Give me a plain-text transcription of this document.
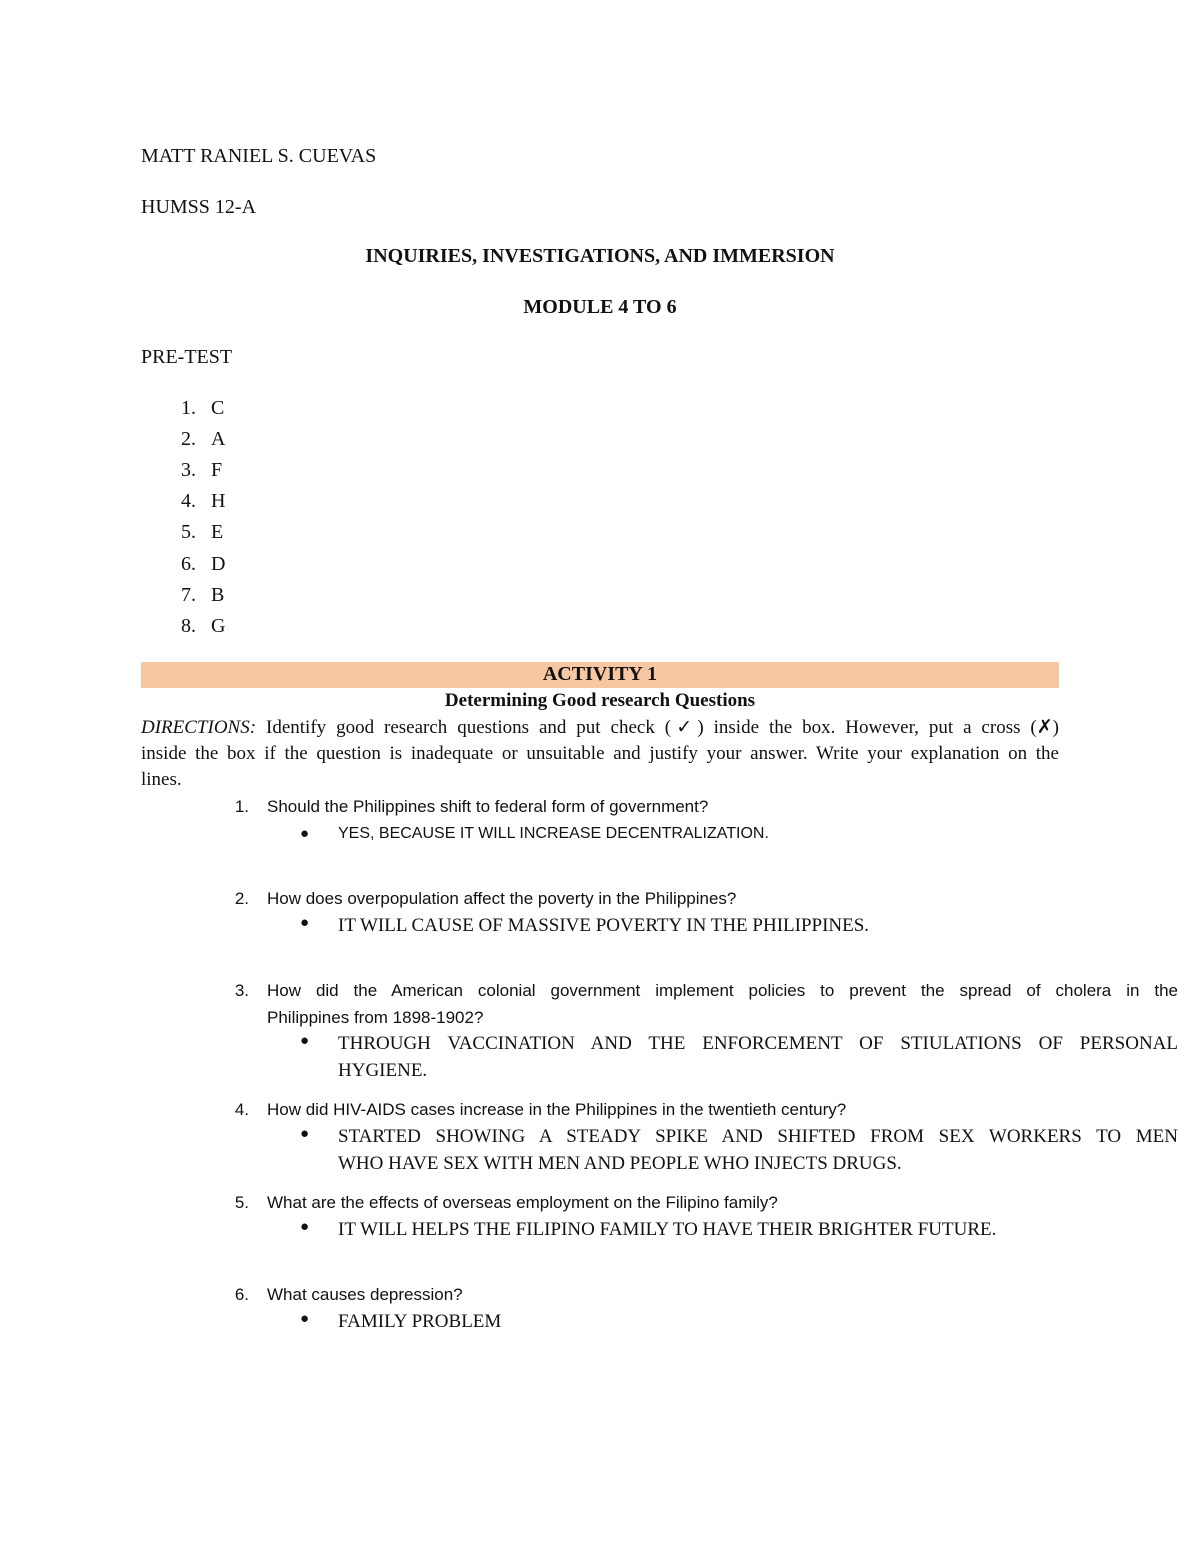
MATT RANIEL S. CUEVAS
HUMSS 12-A
INQUIRIES, INVESTIGATIONS, AND IMMERSION
MODULE 4 TO 6
PRE-TEST
1. C
2. A
3. F
4. H
5. E
6. D
7. B
8. G
ACTIVITY 1
Determining Good research Questions
DIRECTIONS: Identify good research questions and put check (✓) inside the box. However, put a cross (✗)
inside the box if the question is inadequate or unsuitable and justify your answer. Write your explanation on the
lines.
1. Should the Philippines shift to federal form of government?
● YES, BECAUSE IT WILL INCREASE DECENTRALIZATION.
2. How does overpopulation affect the poverty in the Philippines?
● IT WILL CAUSE OF MASSIVE POVERTY IN THE PHILIPPINES.
3. How did the American colonial government implement policies to prevent the spread of cholera in the
Philippines from 1898-1902?
● THROUGH VACCINATION AND THE ENFORCEMENT OF STIULATIONS OF PERSONAL
HYGIENE.
4. How did HIV-AIDS cases increase in the Philippines in the twentieth century?
● STARTED SHOWING A STEADY SPIKE AND SHIFTED FROM SEX WORKERS TO MEN
WHO HAVE SEX WITH MEN AND PEOPLE WHO INJECTS DRUGS.
5. What are the effects of overseas employment on the Filipino family?
● IT WILL HELPS THE FILIPINO FAMILY TO HAVE THEIR BRIGHTER FUTURE.
6. What causes depression?
● FAMILY PROBLEM
